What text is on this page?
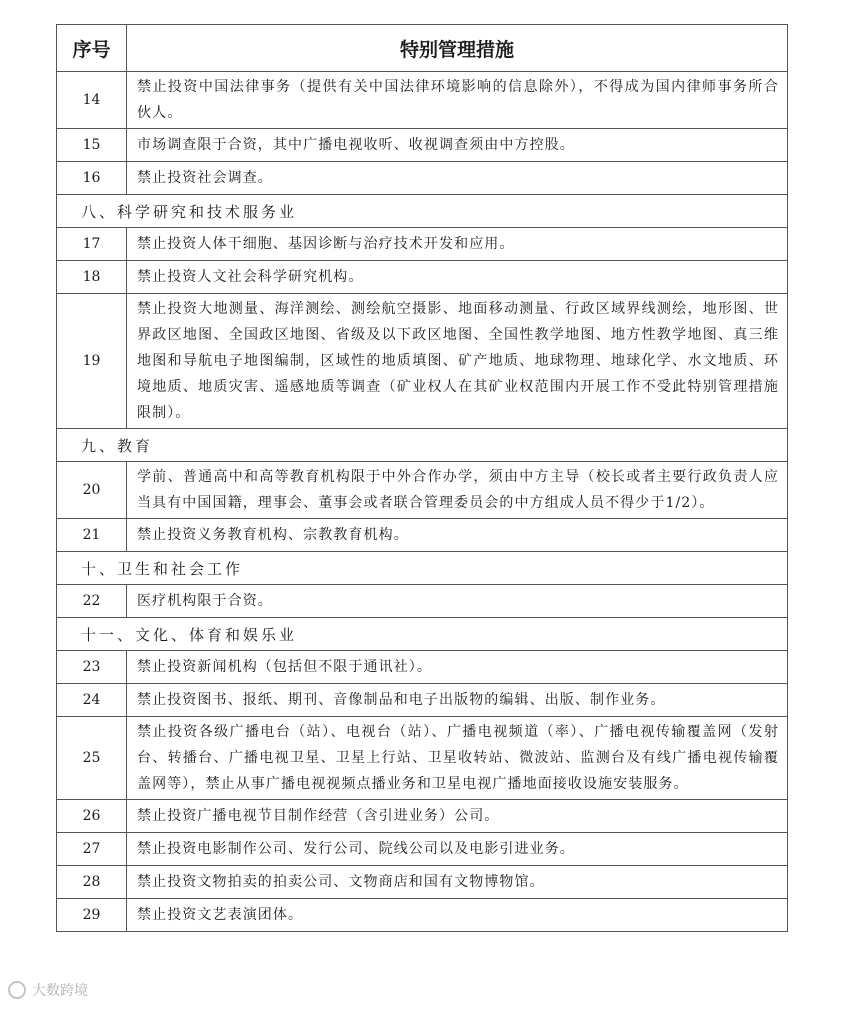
序号	特别管理措施
14	禁止投资中国法律事务（提供有关中国法律环境影响的信息除外），不得成为国内律师事务所合伙人。
15	市场调查限于合资，其中广播电视收听、收视调查须由中方控股。
16	禁止投资社会调查。
八、科学研究和技术服务业	
17	禁止投资人体干细胞、基因诊断与治疗技术开发和应用。
18	禁止投资人文社会科学研究机构。
19	禁止投资大地测量、海洋测绘、测绘航空摄影、地面移动测量、行政区域界线测绘，地形图、世界政区地图、全国政区地图、省级及以下政区地图、全国性教学地图、地方性教学地图、真三维地图和导航电子地图编制，区域性的地质填图、矿产地质、地球物理、地球化学、水文地质、环境地质、地质灾害、遥感地质等调查（矿业权人在其矿业权范围内开展工作不受此特别管理措施限制）。
九、教育	
20	学前、普通高中和高等教育机构限于中外合作办学，须由中方主导（校长或者主要行政负责人应当具有中国国籍，理事会、董事会或者联合管理委员会的中方组成人员不得少于1/2）。
21	禁止投资义务教育机构、宗教教育机构。
十、卫生和社会工作	
22	医疗机构限于合资。
十一、文化、体育和娱乐业	
23	禁止投资新闻机构（包括但不限于通讯社）。
24	禁止投资图书、报纸、期刊、音像制品和电子出版物的编辑、出版、制作业务。
25	禁止投资各级广播电台（站）、电视台（站）、广播电视频道（率）、广播电视传输覆盖网（发射台、转播台、广播电视卫星、卫星上行站、卫星收转站、微波站、监测台及有线广播电视传输覆盖网等），禁止从事广播电视视频点播业务和卫星电视广播地面接收设施安装服务。
26	禁止投资广播电视节目制作经营（含引进业务）公司。
27	禁止投资电影制作公司、发行公司、院线公司以及电影引进业务。
28	禁止投资文物拍卖的拍卖公司、文物商店和国有文物博物馆。
29	禁止投资文艺表演团体。
大数跨境
